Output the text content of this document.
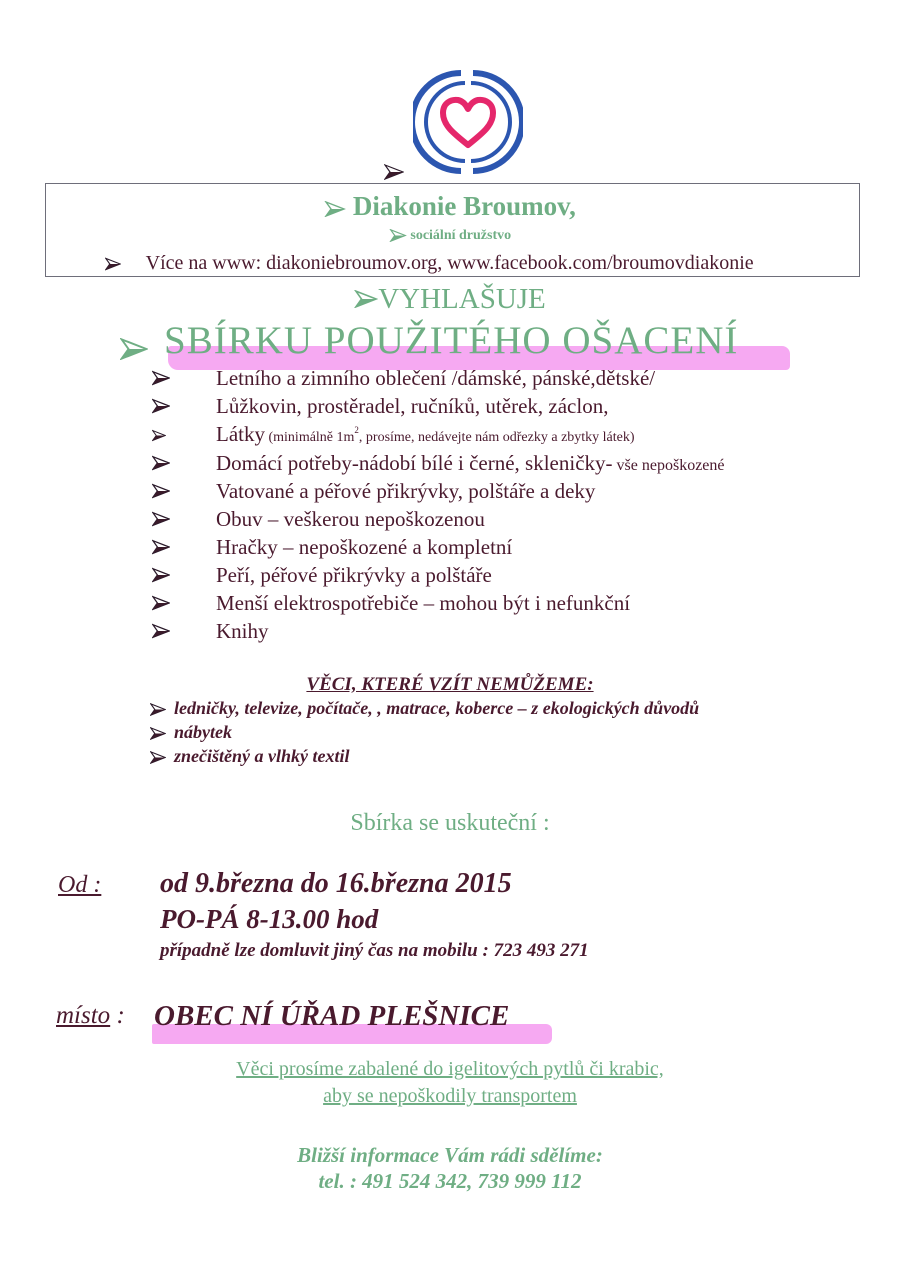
Diakonie Broumov,
sociální družstvo
Více na www: diakoniebroumov.org, www.facebook.com/broumovdiakonie
VYHLAŠUJE
SBÍRKU POUŽITÉHO OŠACENÍ
Letního a zimního oblečení /dámské, pánské,dětské/
Lůžkovin, prostěradel, ručníků, utěrek, záclon,
Látky (minimálně $1m^2$, prosíme, nedávejte nám odřezky a zbytky látek)
Domácí potřeby-nádobí bílé i černé, skleničky- vše nepoškozené
Vatované a péřové přikrývky, polštáře a deky
Obuv – veškerou nepoškozenou
Hračky – nepoškozené a kompletní
Peří, péřové přikrývky a polštáře
Menší elektrospotřebiče – mohou být i nefunkční
Knihy
VĚCI, KTERÉ VZÍT NEMŮŽEME:
ledničky, televize, počítače, , matrace, koberce – z ekologických důvodů
nábytek
znečištěný a vlhký textil
Sbírka se uskuteční :
Od : od 9.března do 16.března 2015
PO-PÁ 8-13.00 hod
případně lze domluvit jiný čas na mobilu : 723 493 271
místo : OBEC NÍ ÚŘAD PLEŠNICE
Věci prosíme zabalené do igelitových pytlů či krabic,
aby se nepoškodily transportem
Bližší informace Vám rádi sdělíme:
tel. : 491 524 342, 739 999 112
